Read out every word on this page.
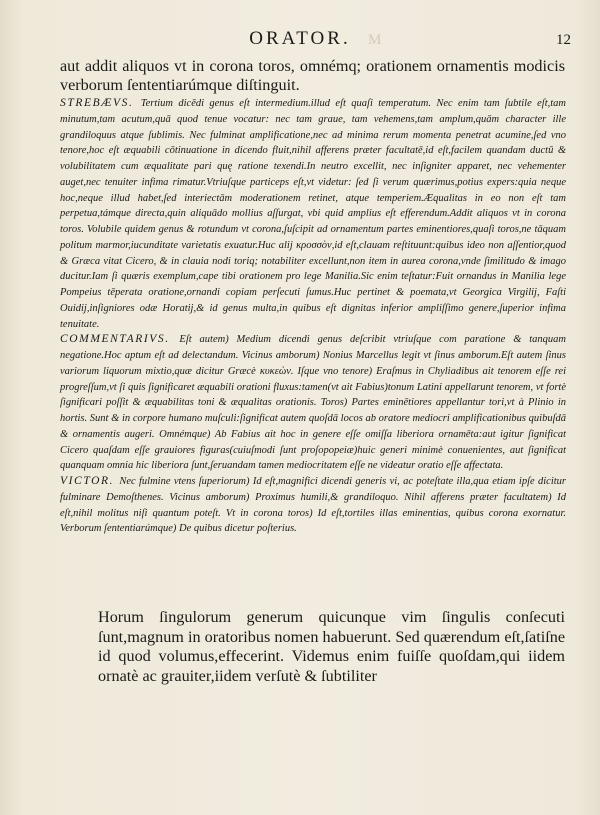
ORATOR.	M	12

aut addit aliquos vt in corona toros, omnémq; orationem ornamentis modicis verborum ſententiarúmque diſtinguit.

STREBÆVS. Tertium dicēdi genus eſt intermedium.illud eſt quaſi temperatum. Nec enim tam ſubtile eſt,tam minutum,tam acutum,quā quod tenue vocatur: nec tam graue, tam vehemens,tam amplum,quām character ille grandiloquus atque ſublimis. Nec fulminat amplificatione,nec ad minima rerum momenta penetrat acumine,ſed vno tenore,hoc eſt æquabili cōtinuatione in dicendo fluit,nihil afferens præter facultatē,id eſt,facilem quandam ductū & volubilitatem cum æqualitate pari quę ratione texendi.In neutro excellit, nec inſigniter apparet, nec vehementer auget,nec tenuiter infima rimatur.Vtriuſque particeps eſt,vt videtur: ſed ſi verum quærimus,potius expers:quia neque hoc,neque illud habet,ſed interiectām moderationem retinet, atque temperiem.Æqualitas in eo non eſt tam perpetua,támque directa,quin aliquādo mollius aſſurgat, vbi quid amplius eſt efferendum.Addit aliquos vt in corona toros. Volubile quidem genus & rotundum vt corona,ſuſcipit ad ornamentum partes eminentiores,quaſi toros,ne tāquam politum marmor,iucunditate varietatis exuatur.Huc alij κροσσὸν,id eſt,clauam reſtituunt:quibus ideo non aſſentior,quod & Græca vitat Cicero, & in clauia nodi toriq; notabiliter excellunt,non item in aurea corona,vnde ſimilitudo & imago ducitur.Iam ſi quæris exemplum,cape tibi orationem pro lege Manilia.Sic enim teſtatur:Fuit ornandus in Manilia lege Pompeius tēperata oratione,ornandi copiam perſecuti ſumus.Huc pertinet & poemata,vt Georgica Virgilij, Faſti Ouidij,inſigniores odæ Horatij,& id genus multa,in quibus eſt dignitas inferior ampliſſimo genere,ſuperior infima tenuitate.

COMMENTARIVS. Eſt autem) Medium dicendi genus deſcribit vtriuſque com paratione & tanquam negatione.Hoc aptum eſt ad delectandum. Vicinus amborum) Nonius Marcellus legit vt ſinus amborum.Eſt autem ſinus variorum liquorum mixtio,quæ dicitur Græcè κυκεὼν. Iſque vno tenore) Eraſmus in Chyliadibus ait tenorem eſſe rei progreſſum,vt ſi quis ſignificaret æquabili orationi fluxus:tamen(vt ait Fabius)tonum Latini appellarunt tenorem, vt fortè ſignificari poſſit & æquabilitas toni & æqualitas orationis. Toros) Partes eminētiores appellantur tori,vt à Plinio in hortis. Sunt & in corpore humano muſculi:ſignificat autem quoſdā locos ab oratore mediocri amplificationibus quibuſdā & ornamentis augeri. Omnémque) Ab Fabius ait hoc in genere eſſe omiſſa liberiora ornamēta:aut igitur ſignificat Cicero quaſdam eſſe grauiores figuras(cuiuſmodi ſunt proſopopeiæ)huic generi minimè conuenientes, aut ſignificat quanquam omnia hic liberiora ſunt,ſeruandam tamen mediocritatem eſſe ne videatur oratio eſſe affectata.

VICTOR. Nec fulmine vtens ſuperiorum) Id eſt,magnifici dicendi generis vi, ac poteſtate illa,qua etiam ipſe dicitur fulminare Demoſthenes. Vicinus amborum) Proximus humili,& grandiloquo. Nihil afferens præter facultatem) Id eſt,nihil molitus niſi quantum poteſt. Vt in corona toros) Id eſt,tortiles illas eminentias, quibus corona exornatur. Verborum ſententiarúmque) De quibus dicetur poſterius.

Horum ſingulorum generum quicunque vim ſingulis conſecuti ſunt,magnum in oratoribus nomen habuerunt. Sed quærendum eſt,ſatiſne id quod volumus,effecerint. Videmus enim fuiſſe quoſdam,qui iidem ornatè ac grauiter,iidem verſutè & ſubtiliter
